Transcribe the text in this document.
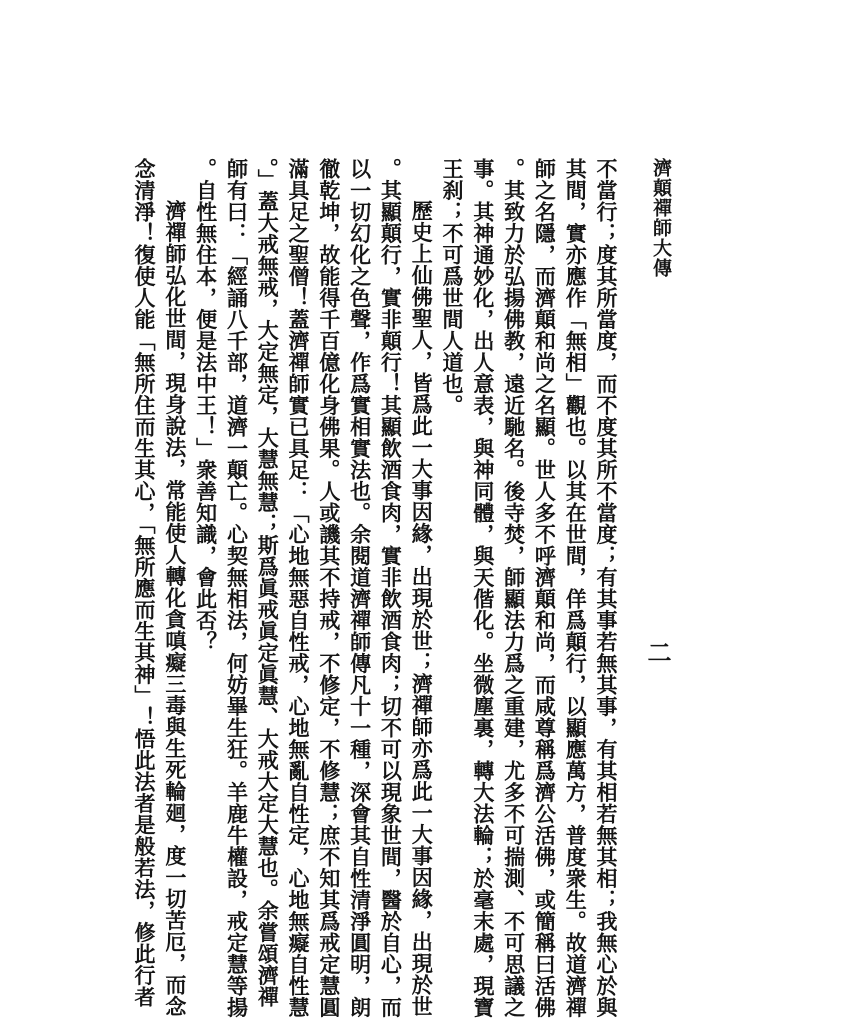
濟顛禪師大傳
二
不當行；度其所當度，而不度其所不當度；有其事若無其事，有其相若無其相；我無心於與
其間，實亦應作「無相」觀也。以其在世間，佯爲顛行，以顯應萬方，普度衆生。故道濟禪
師之名隱，而濟顛和尚之名顯。世人多不呼濟顛和尚，而咸尊稱爲濟公活佛，或簡稱曰活佛
。其致力於弘揚佛教，遠近馳名。後寺焚，師顯法力爲之重建，尤多不可揣測、不可思議之
事。其神通妙化，出人意表，與神同體，與天偕化。坐微塵裏，轉大法輪；於毫末處，現寶
王刹；不可爲世間人道也。
歷史上仙佛聖人，皆爲此一大事因緣，出現於世；濟禪師亦爲此一大事因緣，出現於世
。其顯顛行，實非顛行！其顯飲酒食肉，實非飲酒食肉；切不可以現象世間，醫於自心，而
以一切幻化之色聲，作爲實相實法也。余閱道濟禪師傳凡十一種，深會其自性清淨圓明，朗
徹乾坤，故能得千百億化身佛果。人或譏其不持戒，不修定，不修慧；庶不知其爲戒定慧圓
滿具足之聖僧！蓋濟禪師實已具足：「心地無惡自性戒，心地無亂自性定，心地無癡自性慧
。」蓋大戒無戒，大定無定，大慧無慧；斯爲眞戒眞定眞慧、大戒大定大慧也。余嘗頌濟禪
師有曰：「經誦八千部，道濟一顛亡。心契無相法，何妨畢生狂。羊鹿牛權設，戒定慧等揚
。自性無住本，便是法中王！」衆善知識，會此否？
濟禪師弘化世間，現身說法，常能使人轉化貪嗔癡三毒與生死輪廻，度一切苦厄，而念
念清淨！復使人能「無所住而生其心，「無所應而生其神」！悟此法者是般若法，修此行者
